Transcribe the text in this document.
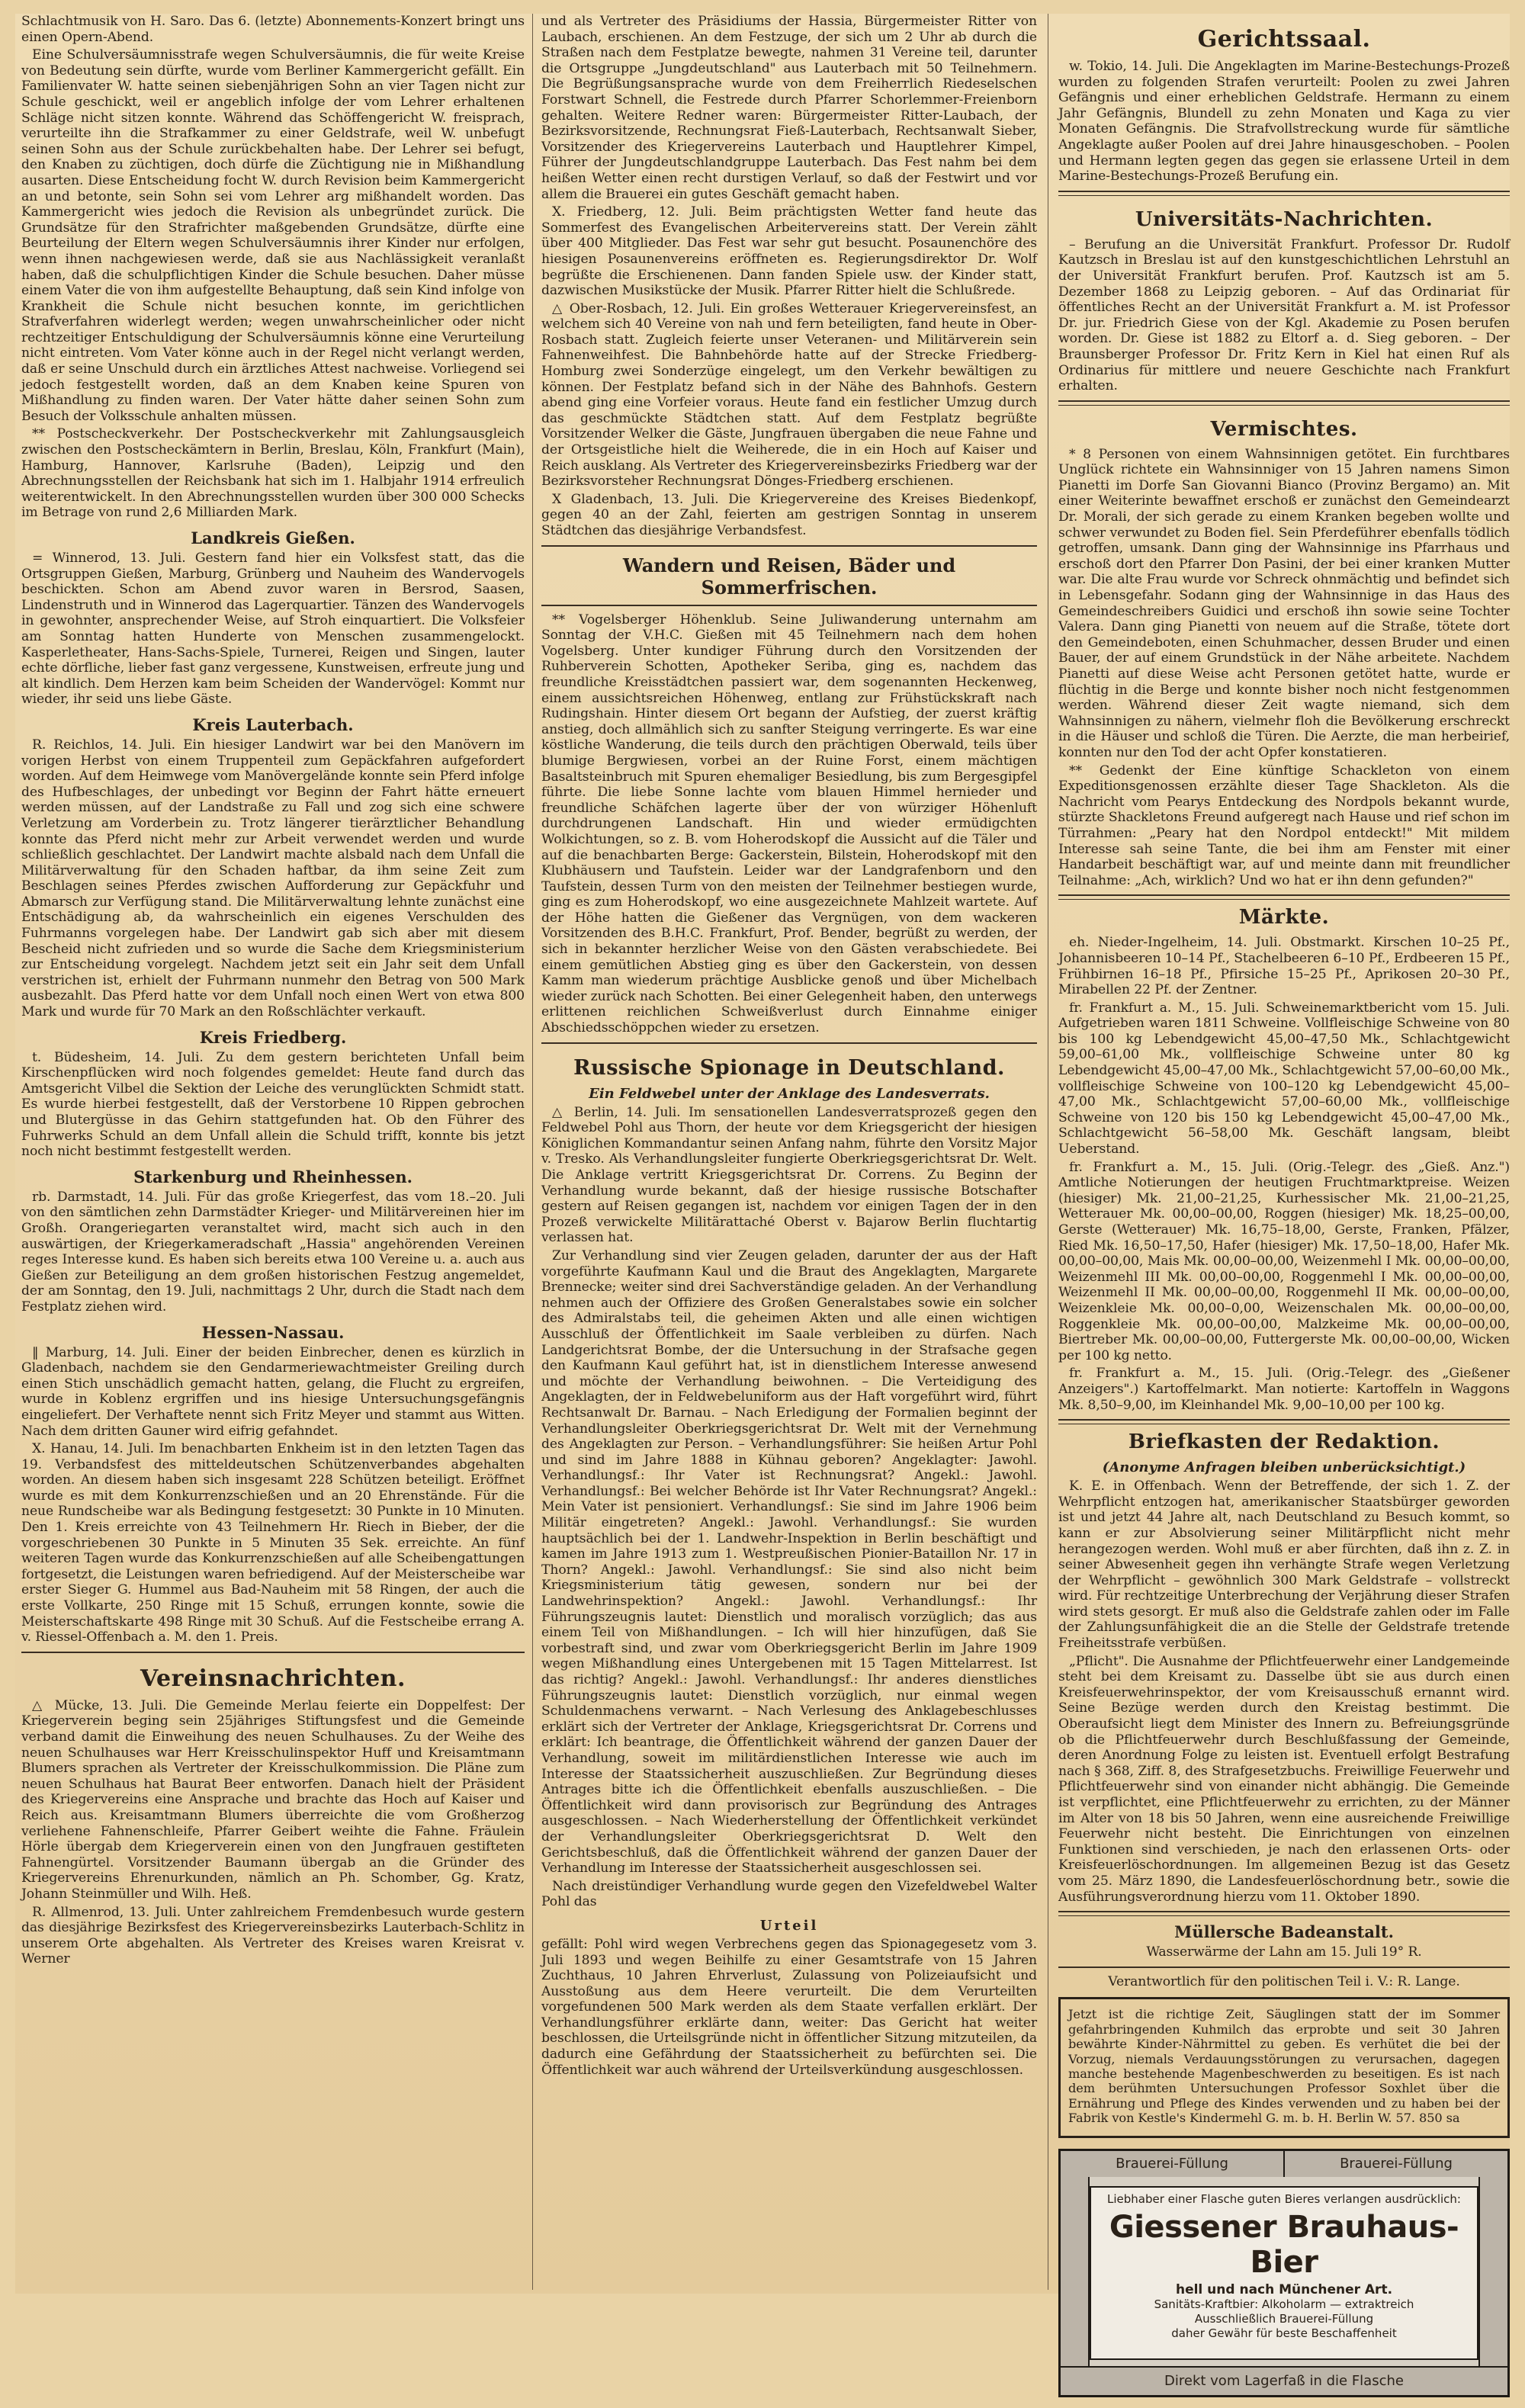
Schlachtmusik von H. Saro. Das 6. (letzte) Abonnements-Konzert bringt uns einen Opern-Abend.

Eine Schulversäumnisstrafe wegen Schulversäumnis, die für weite Kreise von Bedeutung sein dürfte, wurde vom Berliner Kammergericht gefällt. Ein Familienvater W. hatte seinen siebenjährigen Sohn an vier Tagen nicht zur Schule geschickt, weil er angeblich infolge der vom Lehrer erhaltenen Schläge nicht sitzen konnte. Während das Schöffengericht W. freisprach, verurteilte ihn die Strafkammer zu einer Geldstrafe, weil W. unbefugt seinen Sohn aus der Schule zurückbehalten habe. Der Lehrer sei befugt, den Knaben zu züchtigen, doch dürfe die Züchtigung nie in Mißhandlung ausarten. Diese Entscheidung focht W. durch Revision beim Kammergericht an und betonte, sein Sohn sei vom Lehrer arg mißhandelt worden. Das Kammergericht wies jedoch die Revision als unbegründet zurück. Die Grundsätze für den Strafrichter maßgebenden Grundsätze, dürfte eine Beurteilung der Eltern wegen Schulversäumnis ihrer Kinder nur erfolgen, wenn ihnen nachgewiesen werde, daß sie aus Nachlässigkeit veranlaßt haben, daß die schulpflichtigen Kinder die Schule besuchen. Daher müsse einem Vater die von ihm aufgestellte Behauptung, daß sein Kind infolge von Krankheit die Schule nicht besuchen konnte, im gerichtlichen Strafverfahren widerlegt werden; wegen unwahrscheinlicher oder nicht rechtzeitiger Entschuldigung der Schulversäumnis könne eine Verurteilung nicht eintreten. Vom Vater könne auch in der Regel nicht verlangt werden, daß er seine Unschuld durch ein ärztliches Attest nachweise. Vorliegend sei jedoch festgestellt worden, daß an dem Knaben keine Spuren von Mißhandlung zu finden waren. Der Vater hätte daher seinen Sohn zum Besuch der Volksschule anhalten müssen.

** Postscheckverkehr. Der Postscheckverkehr mit Zahlungsausgleich zwischen den Postscheckämtern in Berlin, Breslau, Köln, Frankfurt (Main), Hamburg, Hannover, Karlsruhe (Baden), Leipzig und den Abrechnungsstellen der Reichsbank hat sich im 1. Halbjahr 1914 erfreulich weiterentwickelt. In den Abrechnungsstellen wurden über 300 000 Schecks im Betrage von rund 2,6 Milliarden Mark.

Landkreis Gießen.

= Winnerod, 13. Juli. Gestern fand hier ein Volksfest statt, das die Ortsgruppen Gießen, Marburg, Grünberg und Nauheim des Wandervogels beschickten. Schon am Abend zuvor waren in Bersrod, Saasen, Lindenstruth und in Winnerod das Lagerquartier. Tänzen des Wandervogels in gewohnter, ansprechender Weise, auf Stroh einquartiert. Die Volksfeier am Sonntag hatten Hunderte von Menschen zusammengelockt. Kasperletheater, Hans-Sachs-Spiele, Turnerei, Reigen und Singen, lauter echte dörfliche, lieber fast ganz vergessene, Kunstweisen, erfreute jung und alt kindlich. Dem Herzen kam beim Scheiden der Wandervögel: Kommt nur wieder, ihr seid uns liebe Gäste.

Kreis Lauterbach.

R. Reichlos, 14. Juli. Ein hiesiger Landwirt war bei den Manövern im vorigen Herbst von einem Truppenteil zum Gepäckfahren aufgefordert worden. Auf dem Heimwege vom Manövergelände konnte sein Pferd infolge des Hufbeschlages, der unbedingt vor Beginn der Fahrt hätte erneuert werden müssen, auf der Landstraße zu Fall und zog sich eine schwere Verletzung am Vorderbein zu. Trotz längerer tierärztlicher Behandlung konnte das Pferd nicht mehr zur Arbeit verwendet werden und wurde schließlich geschlachtet. Der Landwirt machte alsbald nach dem Unfall die Militärverwaltung für den Schaden haftbar, da ihm seine Zeit zum Beschlagen seines Pferdes zwischen Aufforderung zur Gepäckfuhr und Abmarsch zur Verfügung stand. Die Militärverwaltung lehnte zunächst eine Entschädigung ab, da wahrscheinlich ein eigenes Verschulden des Fuhrmanns vorgelegen habe. Der Landwirt gab sich aber mit diesem Bescheid nicht zufrieden und so wurde die Sache dem Kriegsministerium zur Entscheidung vorgelegt. Nachdem jetzt seit ein Jahr seit dem Unfall verstrichen ist, erhielt der Fuhrmann nunmehr den Betrag von 500 Mark ausbezahlt. Das Pferd hatte vor dem Unfall noch einen Wert von etwa 800 Mark und wurde für 70 Mark an den Roßschlächter verkauft.

Kreis Friedberg.

t. Büdesheim, 14. Juli. Zu dem gestern berichteten Unfall beim Kirschenpflücken wird noch folgendes gemeldet: Heute fand durch das Amtsgericht Vilbel die Sektion der Leiche des verunglückten Schmidt statt. Es wurde hierbei festgestellt, daß der Verstorbene 10 Rippen gebrochen und Blutergüsse in das Gehirn stattgefunden hat. Ob den Führer des Fuhrwerks Schuld an dem Unfall allein die Schuld trifft, konnte bis jetzt noch nicht bestimmt festgestellt werden.

Starkenburg und Rheinhessen.

rb. Darmstadt, 14. Juli. Für das große Kriegerfest, das vom 18.–20. Juli von den sämtlichen zehn Darmstädter Krieger- und Militärvereinen hier im Großh. Orangeriegarten veranstaltet wird, macht sich auch in den auswärtigen, der Kriegerkameradschaft „Hassia" angehörenden Vereinen reges Interesse kund. Es haben sich bereits etwa 100 Vereine u. a. auch aus Gießen zur Beteiligung an dem großen historischen Festzug angemeldet, der am Sonntag, den 19. Juli, nachmittags 2 Uhr, durch die Stadt nach dem Festplatz ziehen wird.

Hessen-Nassau.

‖ Marburg, 14. Juli. Einer der beiden Einbrecher, denen es kürzlich in Gladenbach, nachdem sie den Gendarmeriewachtmeister Greiling durch einen Stich unschädlich gemacht hatten, gelang, die Flucht zu ergreifen, wurde in Koblenz ergriffen und ins hiesige Untersuchungsgefängnis eingeliefert. Der Verhaftete nennt sich Fritz Meyer und stammt aus Witten. Nach dem dritten Gauner wird eifrig gefahndet.

X. Hanau, 14. Juli. Im benachbarten Enkheim ist in den letzten Tagen das 19. Verbandsfest des mitteldeutschen Schützenverbandes abgehalten worden. An diesem haben sich insgesamt 228 Schützen beteiligt. Eröffnet wurde es mit dem Konkurrenzschießen und an 20 Ehrenstände. Für die neue Rundscheibe war als Bedingung festgesetzt: 30 Punkte in 10 Minuten. Den 1. Kreis erreichte von 43 Teilnehmern Hr. Riech in Bieber, der die vorgeschriebenen 30 Punkte in 5 Minuten 35 Sek. erreichte. An fünf weiteren Tagen wurde das Konkurrenzschießen auf alle Scheibengattungen fortgesetzt, die Leistungen waren befriedigend. Auf der Meisterscheibe war erster Sieger G. Hummel aus Bad-Nauheim mit 58 Ringen, der auch die erste Vollkarte, 250 Ringe mit 15 Schuß, errungen konnte, sowie die Meisterschaftskarte 498 Ringe mit 30 Schuß. Auf die Festscheibe errang A. v. Riessel-Offenbach a. M. den 1. Preis.

Vereinsnachrichten.

△ Mücke, 13. Juli. Die Gemeinde Merlau feierte ein Doppelfest: Der Kriegerverein beging sein 25jähriges Stiftungsfest und die Gemeinde verband damit die Einweihung des neuen Schulhauses. Zu der Weihe des neuen Schulhauses war Herr Kreisschulinspektor Huff und Kreisamtmann Blumers sprachen als Vertreter der Kreisschulkommission. Die Pläne zum neuen Schulhaus hat Baurat Beer entworfen. Danach hielt der Präsident des Kriegervereins eine Ansprache und brachte das Hoch auf Kaiser und Reich aus. Kreisamtmann Blumers überreichte die vom Großherzog verliehene Fahnenschleife, Pfarrer Geibert weihte die Fahne. Fräulein Hörle übergab dem Kriegerverein einen von den Jungfrauen gestifteten Fahnengürtel. Vorsitzender Baumann übergab an die Gründer des Kriegervereins Ehrenurkunden, nämlich an Ph. Schomber, Gg. Kratz, Johann Steinmüller und Wilh. Heß.

R. Allmenrod, 13. Juli. Unter zahlreichem Fremdenbesuch wurde gestern das diesjährige Bezirksfest des Kriegervereinsbezirks Lauterbach-Schlitz in unserem Orte abgehalten. Als Vertreter des Kreises waren Kreisrat v. Werner

und als Vertreter des Präsidiums der Hassia, Bürgermeister Ritter von Laubach, erschienen. An dem Festzuge, der sich um 2 Uhr ab durch die Straßen nach dem Festplatze bewegte, nahmen 31 Vereine teil, darunter die Ortsgruppe „Jungdeutschland" aus Lauterbach mit 50 Teilnehmern. Die Begrüßungsansprache wurde von dem Freiherrlich Riedeselschen Forstwart Schnell, die Festrede durch Pfarrer Schorlemmer-Freienborn gehalten. Weitere Redner waren: Bürgermeister Ritter-Laubach, der Bezirksvorsitzende, Rechnungsrat Fieß-Lauterbach, Rechtsanwalt Sieber, Vorsitzender des Kriegervereins Lauterbach und Hauptlehrer Kimpel, Führer der Jungdeutschlandgruppe Lauterbach. Das Fest nahm bei dem heißen Wetter einen recht durstigen Verlauf, so daß der Festwirt und vor allem die Brauerei ein gutes Geschäft gemacht haben.

X. Friedberg, 12. Juli. Beim prächtigsten Wetter fand heute das Sommerfest des Evangelischen Arbeitervereins statt. Der Verein zählt über 400 Mitglieder. Das Fest war sehr gut besucht. Posaunenchöre des hiesigen Posaunenvereins eröffneten es. Regierungsdirektor Dr. Wolf begrüßte die Erschienenen. Dann fanden Spiele usw. der Kinder statt, dazwischen Musikstücke der Musik. Pfarrer Ritter hielt die Schlußrede.

△ Ober-Rosbach, 12. Juli. Ein großes Wetterauer Kriegervereinsfest, an welchem sich 40 Vereine von nah und fern beteiligten, fand heute in Ober-Rosbach statt. Zugleich feierte unser Veteranen- und Militärverein sein Fahnenweihfest. Die Bahnbehörde hatte auf der Strecke Friedberg-Homburg zwei Sonderzüge eingelegt, um den Verkehr bewältigen zu können. Der Festplatz befand sich in der Nähe des Bahnhofs. Gestern abend ging eine Vorfeier voraus. Heute fand ein festlicher Umzug durch das geschmückte Städtchen statt. Auf dem Festplatz begrüßte Vorsitzender Welker die Gäste, Jungfrauen übergaben die neue Fahne und der Ortsgeistliche hielt die Weiherede, die in ein Hoch auf Kaiser und Reich ausklang. Als Vertreter des Kriegervereinsbezirks Friedberg war der Bezirksvorsteher Rechnungsrat Dönges-Friedberg erschienen.

X Gladenbach, 13. Juli. Die Kriegervereine des Kreises Biedenkopf, gegen 40 an der Zahl, feierten am gestrigen Sonntag in unserem Städtchen das diesjährige Verbandsfest.

Wandern und Reisen, Bäder und Sommerfrischen.

** Vogelsberger Höhenklub. Seine Juliwanderung unternahm am Sonntag der V.H.C. Gießen mit 45 Teilnehmern nach dem hohen Vogelsberg. Unter kundiger Führung durch den Vorsitzenden der Ruhberverein Schotten, Apotheker Seriba, ging es, nachdem das freundliche Kreisstädtchen passiert war, dem sogenannten Heckenweg, einem aussichtsreichen Höhenweg, entlang zur Frühstückskraft nach Rudingshain. Hinter diesem Ort begann der Aufstieg, der zuerst kräftig anstieg, doch allmählich sich zu sanfter Steigung verringerte. Es war eine köstliche Wanderung, die teils durch den prächtigen Oberwald, teils über blumige Bergwiesen, vorbei an der Ruine Forst, einem mächtigen Basaltsteinbruch mit Spuren ehemaliger Besiedlung, bis zum Bergesgipfel führte. Die liebe Sonne lachte vom blauen Himmel hernieder und freundliche Schäfchen lagerte über der von würziger Höhenluft durchdrungenen Landschaft. Hin und wieder ermüdigchten Wolkichtungen, so z. B. vom Hoherodskopf die Aussicht auf die Täler und auf die benachbarten Berge: Gackerstein, Bilstein, Hoherodskopf mit den Klubhäusern und Taufstein. Leider war der Landgrafenborn und den Taufstein, dessen Turm von den meisten der Teilnehmer bestiegen wurde, ging es zum Hoherodskopf, wo eine ausgezeichnete Mahlzeit wartete. Auf der Höhe hatten die Gießener das Vergnügen, von dem wackeren Vorsitzenden des B.H.C. Frankfurt, Prof. Bender, begrüßt zu werden, der sich in bekannter herzlicher Weise von den Gästen verabschiedete. Bei einem gemütlichen Abstieg ging es über den Gackerstein, von dessen Kamm man wiederum prächtige Ausblicke genoß und über Michelbach wieder zurück nach Schotten. Bei einer Gelegenheit haben, den unterwegs erlittenen reichlichen Schweißverlust durch Einnahme einiger Abschiedsschöppchen wieder zu ersetzen.

Russische Spionage in Deutschland.
Ein Feldwebel unter der Anklage des Landesverrats.

△ Berlin, 14. Juli. Im sensationellen Landesverratsprozeß gegen den Feldwebel Pohl aus Thorn, der heute vor dem Kriegsgericht der hiesigen Königlichen Kommandantur seinen Anfang nahm, führte den Vorsitz Major v. Tresko. Als Verhandlungsleiter fungierte Oberkriegsgerichtsrat Dr. Welt. Die Anklage vertritt Kriegsgerichtsrat Dr. Correns. Zu Beginn der Verhandlung wurde bekannt, daß der hiesige russische Botschafter gestern auf Reisen gegangen ist, nachdem vor einigen Tagen der in den Prozeß verwickelte Militärattaché Oberst v. Bajarow Berlin fluchtartig verlassen hat.

Zur Verhandlung sind vier Zeugen geladen, darunter der aus der Haft vorgeführte Kaufmann Kaul und die Braut des Angeklagten, Margarete Brennecke; weiter sind drei Sachverständige geladen. An der Verhandlung nehmen auch der Offiziere des Großen Generalstabes sowie ein solcher des Admiralstabs teil, die geheimen Akten und alle einen wichtigen Ausschluß der Öffentlichkeit im Saale verbleiben zu dürfen. Nach Landgerichtsrat Bombe, der die Untersuchung in der Strafsache gegen den Kaufmann Kaul geführt hat, ist in dienstlichem Interesse anwesend und möchte der Verhandlung beiwohnen. – Die Verteidigung des Angeklagten, der in Feldwebeluniform aus der Haft vorgeführt wird, führt Rechtsanwalt Dr. Barnau. – Nach Erledigung der Formalien beginnt der Verhandlungsleiter Oberkriegsgerichtsrat Dr. Welt mit der Vernehmung des Angeklagten zur Person. – Verhandlungsführer: Sie heißen Artur Pohl und sind im Jahre 1888 in Kühnau geboren? Angeklagter: Jawohl. Verhandlungsf.: Ihr Vater ist Rechnungsrat? Angekl.: Jawohl. Verhandlungsf.: Bei welcher Behörde ist Ihr Vater Rechnungsrat? Angekl.: Mein Vater ist pensioniert. Verhandlungsf.: Sie sind im Jahre 1906 beim Militär eingetreten? Angekl.: Jawohl. Verhandlungsf.: Sie wurden hauptsächlich bei der 1. Landwehr-Inspektion in Berlin beschäftigt und kamen im Jahre 1913 zum 1. Westpreußischen Pionier-Bataillon Nr. 17 in Thorn? Angekl.: Jawohl. Verhandlungsf.: Sie sind also nicht beim Kriegsministerium tätig gewesen, sondern nur bei der Landwehrinspektion? Angekl.: Jawohl. Verhandlungsf.: Ihr Führungszeugnis lautet: Dienstlich und moralisch vorzüglich; das aus einem Teil von Mißhandlungen. – Ich will hier hinzufügen, daß Sie vorbestraft sind, und zwar vom Oberkriegsgericht Berlin im Jahre 1909 wegen Mißhandlung eines Untergebenen mit 15 Tagen Mittelarrest. Ist das richtig? Angekl.: Jawohl. Verhandlungsf.: Ihr anderes dienstliches Führungszeugnis lautet: Dienstlich vorzüglich, nur einmal wegen Schuldenmachens verwarnt. – Nach Verlesung des Anklagebeschlusses erklärt sich der Vertreter der Anklage, Kriegsgerichtsrat Dr. Correns und erklärt: Ich beantrage, die Öffentlichkeit während der ganzen Dauer der Verhandlung, soweit im militärdienstlichen Interesse wie auch im Interesse der Staatssicherheit auszuschließen. Zur Begründung dieses Antrages bitte ich die Öffentlichkeit ebenfalls auszuschließen. – Die Öffentlichkeit wird dann provisorisch zur Begründung des Antrages ausgeschlossen. – Nach Wiederherstellung der Öffentlichkeit verkündet der Verhandlungsleiter Oberkriegsgerichtsrat D. Welt den Gerichtsbeschluß, daß die Öffentlichkeit während der ganzen Dauer der Verhandlung im Interesse der Staatssicherheit ausgeschlossen sei.

Nach dreistündiger Verhandlung wurde gegen den Vizefeldwebel Walter Pohl das

Urteil

gefällt: Pohl wird wegen Verbrechens gegen das Spionagegesetz vom 3. Juli 1893 und wegen Beihilfe zu einer Gesamtstrafe von 15 Jahren Zuchthaus, 10 Jahren Ehrverlust, Zulassung von Polizeiaufsicht und Ausstoßung aus dem Heere verurteilt. Die dem Verurteilten vorgefundenen 500 Mark werden als dem Staate verfallen erklärt. Der Verhandlungsführer erklärte dann, weiter: Das Gericht hat weiter beschlossen, die Urteilsgründe nicht in öffentlicher Sitzung mitzuteilen, da dadurch eine Gefährdung der Staatssicherheit zu befürchten sei. Die Öffentlichkeit war auch während der Urteilsverkündung ausgeschlossen.

Gerichtssaal.

w. Tokio, 14. Juli. Die Angeklagten im Marine-Bestechungs-Prozeß wurden zu folgenden Strafen verurteilt: Poolen zu zwei Jahren Gefängnis und einer erheblichen Geldstrafe. Hermann zu einem Jahr Gefängnis, Blundell zu zehn Monaten und Kaga zu vier Monaten Gefängnis. Die Strafvollstreckung wurde für sämtliche Angeklagte außer Poolen auf drei Jahre hinausgeschoben. – Poolen und Hermann legten gegen das gegen sie erlassene Urteil in dem Marine-Bestechungs-Prozeß Berufung ein.

Universitäts-Nachrichten.

– Berufung an die Universität Frankfurt. Professor Dr. Rudolf Kautzsch in Breslau ist auf den kunstgeschichtlichen Lehrstuhl an der Universität Frankfurt berufen. Prof. Kautzsch ist am 5. Dezember 1868 zu Leipzig geboren. – Auf das Ordinariat für öffentliches Recht an der Universität Frankfurt a. M. ist Professor Dr. jur. Friedrich Giese von der Kgl. Akademie zu Posen berufen worden. Dr. Giese ist 1882 zu Eltorf a. d. Sieg geboren. – Der Braunsberger Professor Dr. Fritz Kern in Kiel hat einen Ruf als Ordinarius für mittlere und neuere Geschichte nach Frankfurt erhalten.

Vermischtes.

* 8 Personen von einem Wahnsinnigen getötet. Ein furchtbares Unglück richtete ein Wahnsinniger von 15 Jahren namens Simon Pianetti im Dorfe San Giovanni Bianco (Provinz Bergamo) an. Mit einer Weiterinte bewaffnet erschoß er zunächst den Gemeindearzt Dr. Morali, der sich gerade zu einem Kranken begeben wollte und schwer verwundet zu Boden fiel. Sein Pferdeführer ebenfalls tödlich getroffen, umsank. Dann ging der Wahnsinnige ins Pfarrhaus und erschoß dort den Pfarrer Don Pasini, der bei einer kranken Mutter war. Die alte Frau wurde vor Schreck ohnmächtig und befindet sich in Lebensgefahr. Sodann ging der Wahnsinnige in das Haus des Gemeindeschreibers Guidici und erschoß ihn sowie seine Tochter Valera. Dann ging Pianetti von neuem auf die Straße, tötete dort den Gemeindeboten, einen Schuhmacher, dessen Bruder und einen Bauer, der auf einem Grundstück in der Nähe arbeitete. Nachdem Pianetti auf diese Weise acht Personen getötet hatte, wurde er flüchtig in die Berge und konnte bisher noch nicht festgenommen werden. Während dieser Zeit wagte niemand, sich dem Wahnsinnigen zu nähern, vielmehr floh die Bevölkerung erschreckt in die Häuser und schloß die Türen. Die Aerzte, die man herbeirief, konnten nur den Tod der acht Opfer konstatieren.

** Gedenkt der Eine künftige Schackleton von einem Expeditionsgenossen erzählte dieser Tage Shackleton. Als die Nachricht vom Pearys Entdeckung des Nordpols bekannt wurde, stürzte Shackletons Freund aufgeregt nach Hause und rief schon im Türrahmen: „Peary hat den Nordpol entdeckt!" Mit mildem Interesse sah seine Tante, die bei ihm am Fenster mit einer Handarbeit beschäftigt war, auf und meinte dann mit freundlicher Teilnahme: „Ach, wirklich? Und wo hat er ihn denn gefunden?"

Märkte.

eh. Nieder-Ingelheim, 14. Juli. Obstmarkt. Kirschen 10–25 Pf., Johannisbeeren 10–14 Pf., Stachelbeeren 6–10 Pf., Erdbeeren 15 Pf., Frühbirnen 16–18 Pf., Pfirsiche 15–25 Pf., Aprikosen 20–30 Pf., Mirabellen 22 Pf. der Zentner.

fr. Frankfurt a. M., 15. Juli. Schweinemarktbericht vom 15. Juli. Aufgetrieben waren 1811 Schweine. Vollfleischige Schweine von 80 bis 100 kg Lebendgewicht 45,00–47,50 Mk., Schlachtgewicht 59,00–61,00 Mk., vollfleischige Schweine unter 80 kg Lebendgewicht 45,00–47,00 Mk., Schlachtgewicht 57,00–60,00 Mk., vollfleischige Schweine von 100–120 kg Lebendgewicht 45,00–47,00 Mk., Schlachtgewicht 57,00–60,00 Mk., vollfleischige Schweine von 120 bis 150 kg Lebendgewicht 45,00–47,00 Mk., Schlachtgewicht 56–58,00 Mk. Geschäft langsam, bleibt Ueberstand.

fr. Frankfurt a. M., 15. Juli. (Orig.-Telegr. des „Gieß. Anz.") Amtliche Notierungen der heutigen Fruchtmarktpreise. Weizen (hiesiger) Mk. 21,00–21,25, Kurhessischer Mk. 21,00–21,25, Wetterauer Mk. 00,00–00,00, Roggen (hiesiger) Mk. 18,25–00,00, Gerste (Wetterauer) Mk. 16,75–18,00, Gerste, Franken, Pfälzer, Ried Mk. 16,50–17,50, Hafer (hiesiger) Mk. 17,50–18,00, Hafer Mk. 00,00–00,00, Mais Mk. 00,00–00,00, Weizenmehl I Mk. 00,00–00,00, Weizenmehl III Mk. 00,00–00,00, Roggenmehl I Mk. 00,00–00,00, Weizenmehl II Mk. 00,00–00,00, Roggenmehl II Mk. 00,00–00,00, Weizenkleie Mk. 00,00–0,00, Weizenschalen Mk. 00,00–00,00, Roggenkleie Mk. 00,00–00,00, Malzkeime Mk. 00,00–00,00, Biertreber Mk. 00,00–00,00, Futtergerste Mk. 00,00–00,00, Wicken per 100 kg netto.

fr. Frankfurt a. M., 15. Juli. (Orig.-Telegr. des „Gießener Anzeigers".) Kartoffelmarkt. Man notierte: Kartoffeln in Waggons Mk. 8,50–9,00, im Kleinhandel Mk. 9,00–10,00 per 100 kg.

Briefkasten der Redaktion.
(Anonyme Anfragen bleiben unberücksichtigt.)

K. E. in Offenbach. Wenn der Betreffende, der sich 1. Z. der Wehrpflicht entzogen hat, amerikanischer Staatsbürger geworden ist und jetzt 44 Jahre alt, nach Deutschland zu Besuch kommt, so kann er zur Absolvierung seiner Militärpflicht nicht mehr herangezogen werden. Wohl muß er aber fürchten, daß ihn z. Z. in seiner Abwesenheit gegen ihn verhängte Strafe wegen Verletzung der Wehrpflicht – gewöhnlich 300 Mark Geldstrafe – vollstreckt wird. Für rechtzeitige Unterbrechung der Verjährung dieser Strafen wird stets gesorgt. Er muß also die Geldstrafe zahlen oder im Falle der Zahlungsunfähigkeit die an die Stelle der Geldstrafe tretende Freiheitsstrafe verbüßen.

„Pflicht". Die Ausnahme der Pflichtfeuerwehr einer Landgemeinde steht bei dem Kreisamt zu. Dasselbe übt sie aus durch einen Kreisfeuerwehrinspektor, der vom Kreisausschuß ernannt wird. Seine Bezüge werden durch den Kreistag bestimmt. Die Oberaufsicht liegt dem Minister des Innern zu. Befreiungsgründe ob die Pflichtfeuerwehr durch Beschlußfassung der Gemeinde, deren Anordnung Folge zu leisten ist. Eventuell erfolgt Bestrafung nach § 368, Ziff. 8, des Strafgesetzbuchs. Freiwillige Feuerwehr und Pflichtfeuerwehr sind von einander nicht abhängig. Die Gemeinde ist verpflichtet, eine Pflichtfeuerwehr zu errichten, zu der Männer im Alter von 18 bis 50 Jahren, wenn eine ausreichende Freiwillige Feuerwehr nicht besteht. Die Einrichtungen von einzelnen Funktionen sind verschieden, je nach den erlassenen Orts- oder Kreisfeuerlöschordnungen. Im allgemeinen Bezug ist das Gesetz vom 25. März 1890, die Landesfeuerlöschordnung betr., sowie die Ausführungsverordnung hierzu vom 11. Oktober 1890.

Müllersche Badeanstalt.

Wasserwärme der Lahn am 15. Juli 19° R.

Verantwortlich für den politischen Teil i. V.: R. Lange.

Jetzt ist die richtige Zeit, Säuglingen statt der im Sommer gefahrbringenden Kuhmilch das erprobte und seit 30 Jahren bewährte Kinder-Nährmittel zu geben. Es verhütet die bei der Vorzug, niemals Verdauungsstörungen zu verursachen, dagegen manche bestehende Magenbeschwerden zu beseitigen. Es ist nach dem berühmten Untersuchungen Professor Soxhlet über die Ernährung und Pflege des Kindes verwenden und zu haben bei der Fabrik von Kestle's Kindermehl G. m. b. H. Berlin W. 57. 850 sa

Brauerei-Füllung	Brauerei-Füllung
Liebhaber einer Flasche guten Bieres verlangen ausdrücklich:
Giessener Brauhaus-Bier
hell und nach Münchener Art.
Sanitäts-Kraftbier: Alkoholarm — extraktreich
Ausschließlich Brauerei-Füllung
daher Gewähr für beste Beschaffenheit
Direkt vom Lagerfaß in die Flasche
